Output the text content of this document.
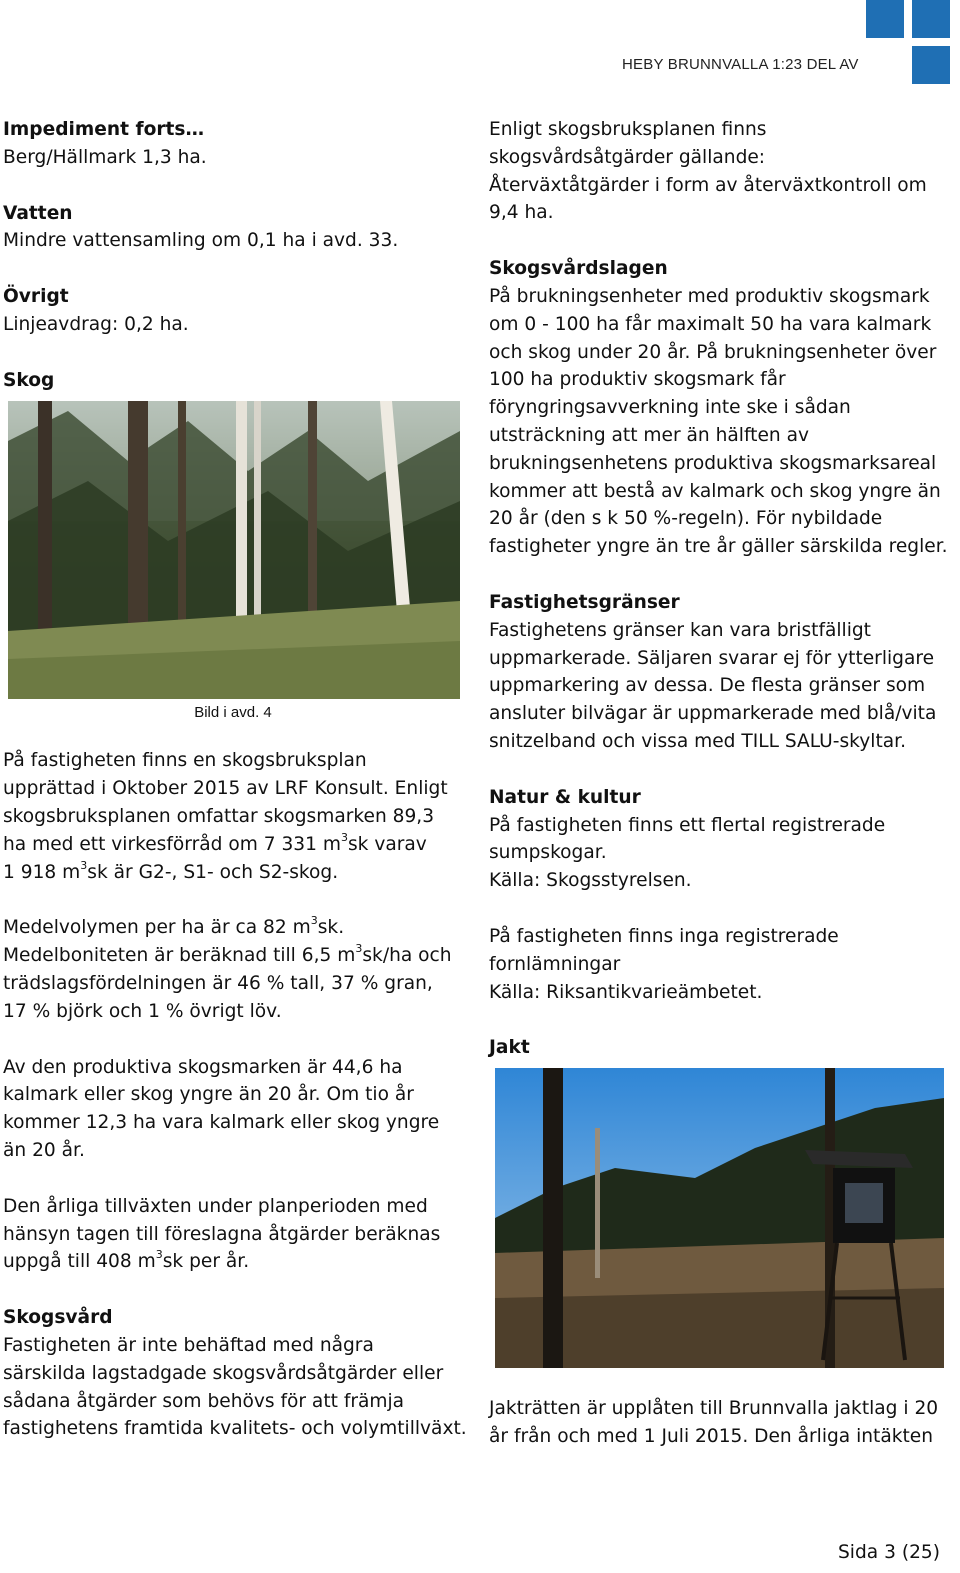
HEBY BRUNNVALLA 1:23 DEL AV

Impediment forts…

Berg/Hällmark 1,3 ha.

Vatten

Mindre vattensamling om 0,1 ha i avd. 33.

Övrigt

Linjeavdrag: 0,2 ha.

Skog

Bild i avd. 4

På fastigheten finns en skogsbruksplan

upprättad i Oktober 2015 av LRF Konsult. Enligt

skogsbruksplanen omfattar skogsmarken 89,3

ha med ett virkesförråd om 7 331 $m^3sk$ varav

1 918 $m^3sk$ är G2-, S1- och S2-skog.

Medelvolymen per ha är ca 82 $m^3sk$.

Medelboniteten är beräknad till 6,5 $m^3sk/ha$ och

trädslagsfördelningen är 46 % tall, 37 % gran,

17 % björk och 1 % övrigt löv.

Av den produktiva skogsmarken är 44,6 ha

kalmark eller skog yngre än 20 år. Om tio år

kommer 12,3 ha vara kalmark eller skog yngre

än 20 år.

Den årliga tillväxten under planperioden med

hänsyn tagen till föreslagna åtgärder beräknas

uppgå till 408 $m^3sk$ per år.

Skogsvård

Fastigheten är inte behäftad med några

särskilda lagstadgade skogsvårdsåtgärder eller

sådana åtgärder som behövs för att främja

fastighetens framtida kvalitets- och volymtillväxt.

Enligt skogsbruksplanen finns

skogsvårdsåtgärder gällande:

Återväxtåtgärder i form av återväxtkontroll om

9,4 ha.

Skogsvårdslagen

På brukningsenheter med produktiv skogsmark

om 0 - 100 ha får maximalt 50 ha vara kalmark

och skog under 20 år. På brukningsenheter över

100 ha produktiv skogsmark får

föryngringsavverkning inte ske i sådan

utsträckning att mer än hälften av

brukningsenhetens produktiva skogsmarksareal

kommer att bestå av kalmark och skog yngre än

20 år (den s k 50 %-regeln). För nybildade

fastigheter yngre än tre år gäller särskilda regler.

Fastighetsgränser

Fastighetens gränser kan vara bristfälligt

uppmarkerade. Säljaren svarar ej för ytterligare

uppmarkering av dessa. De flesta gränser som

ansluter bilvägar är uppmarkerade med blå/vita

snitzelband och vissa med TILL SALU-skyltar.

Natur & kultur

På fastigheten finns ett flertal registrerade

sumpskogar.

Källa: Skogsstyrelsen.

På fastigheten finns inga registrerade

fornlämningar

Källa: Riksantikvarieämbetet.

Jakt

Jakträtten är upplåten till Brunnvalla jaktlag i 20

år från och med 1 Juli 2015. Den årliga intäkten

Sida 3 (25)
